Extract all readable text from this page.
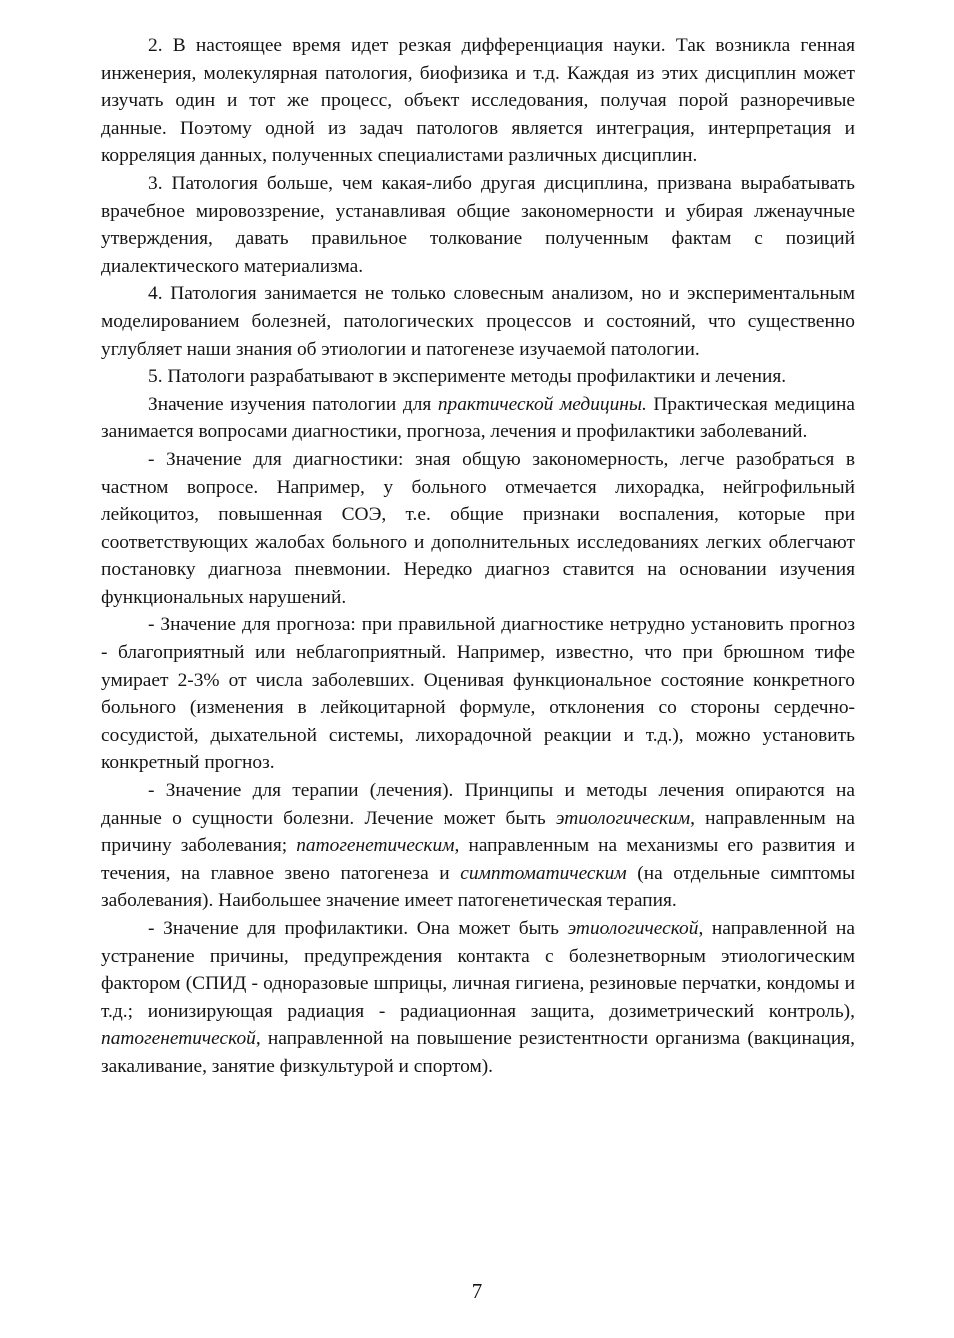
2. В настоящее время идет резкая дифференциация науки. Так возникла генная инженерия, молекулярная патология, биофизика и т.д. Каждая из этих дисциплин может изучать один и тот же процесс, объект исследования, получая порой разноречивые данные. Поэтому одной из задач патологов является интеграция, интерпретация и корреляция данных, полученных специалистами различных дисциплин.

3. Патология больше, чем какая-либо другая дисциплина, призвана вырабатывать врачебное мировоззрение, устанавливая общие закономерности и убирая лженаучные утверждения, давать правильное толкование полученным фактам с позиций диалектического материализма.

4. Патология занимается не только словесным анализом, но и экспериментальным моделированием болезней, патологических процессов и состояний, что существенно углубляет наши знания об этиологии и патогенезе изучаемой патологии.

5. Патологи разрабатывают в эксперименте методы профилактики и лечения.

Значение изучения патологии для практической медицины. Практическая медицина занимается вопросами диагностики, прогноза, лечения и профилактики заболеваний.

- Значение для диагностики: зная общую закономерность, легче разобраться в частном вопросе. Например, у больного отмечается лихорадка, нейгрофильный лейкоцитоз, повышенная СОЭ, т.е. общие признаки воспаления, которые при соответствующих жалобах больного и дополнительных исследованиях легких облегчают постановку диагноза пневмонии. Нередко диагноз ставится на основании изучения функциональных нарушений.

- Значение для прогноза: при правильной диагностике нетрудно установить прогноз - благоприятный или неблагоприятный. Например, известно, что при брюшном тифе умирает 2-3% от числа заболевших. Оценивая функциональное состояние конкретного больного (изменения в лейкоцитарной формуле, отклонения со стороны сердечно-сосудистой, дыхательной системы, лихорадочной реакции и т.д.), можно установить конкретный прогноз.

- Значение для терапии (лечения). Принципы и методы лечения опираются на данные о сущности болезни. Лечение может быть этиологическим, направленным на причину заболевания; патогенетическим, направленным на механизмы его развития и течения, на главное звено патогенеза и симптоматическим (на отдельные симптомы заболевания). Наибольшее значение имеет патогенетическая терапия.

- Значение для профилактики. Она может быть этиологической, направленной на устранение причины, предупреждения контакта с болезнетворным этиологическим фактором (СПИД - одноразовые шприцы, личная гигиена, резиновые перчатки, кондомы и т.д.; ионизирующая радиация - радиационная защита, дозиметрический контроль), патогенетической, направленной на повышение резистентности организма (вакцинация, закаливание, занятие физкультурой и спортом).

7
